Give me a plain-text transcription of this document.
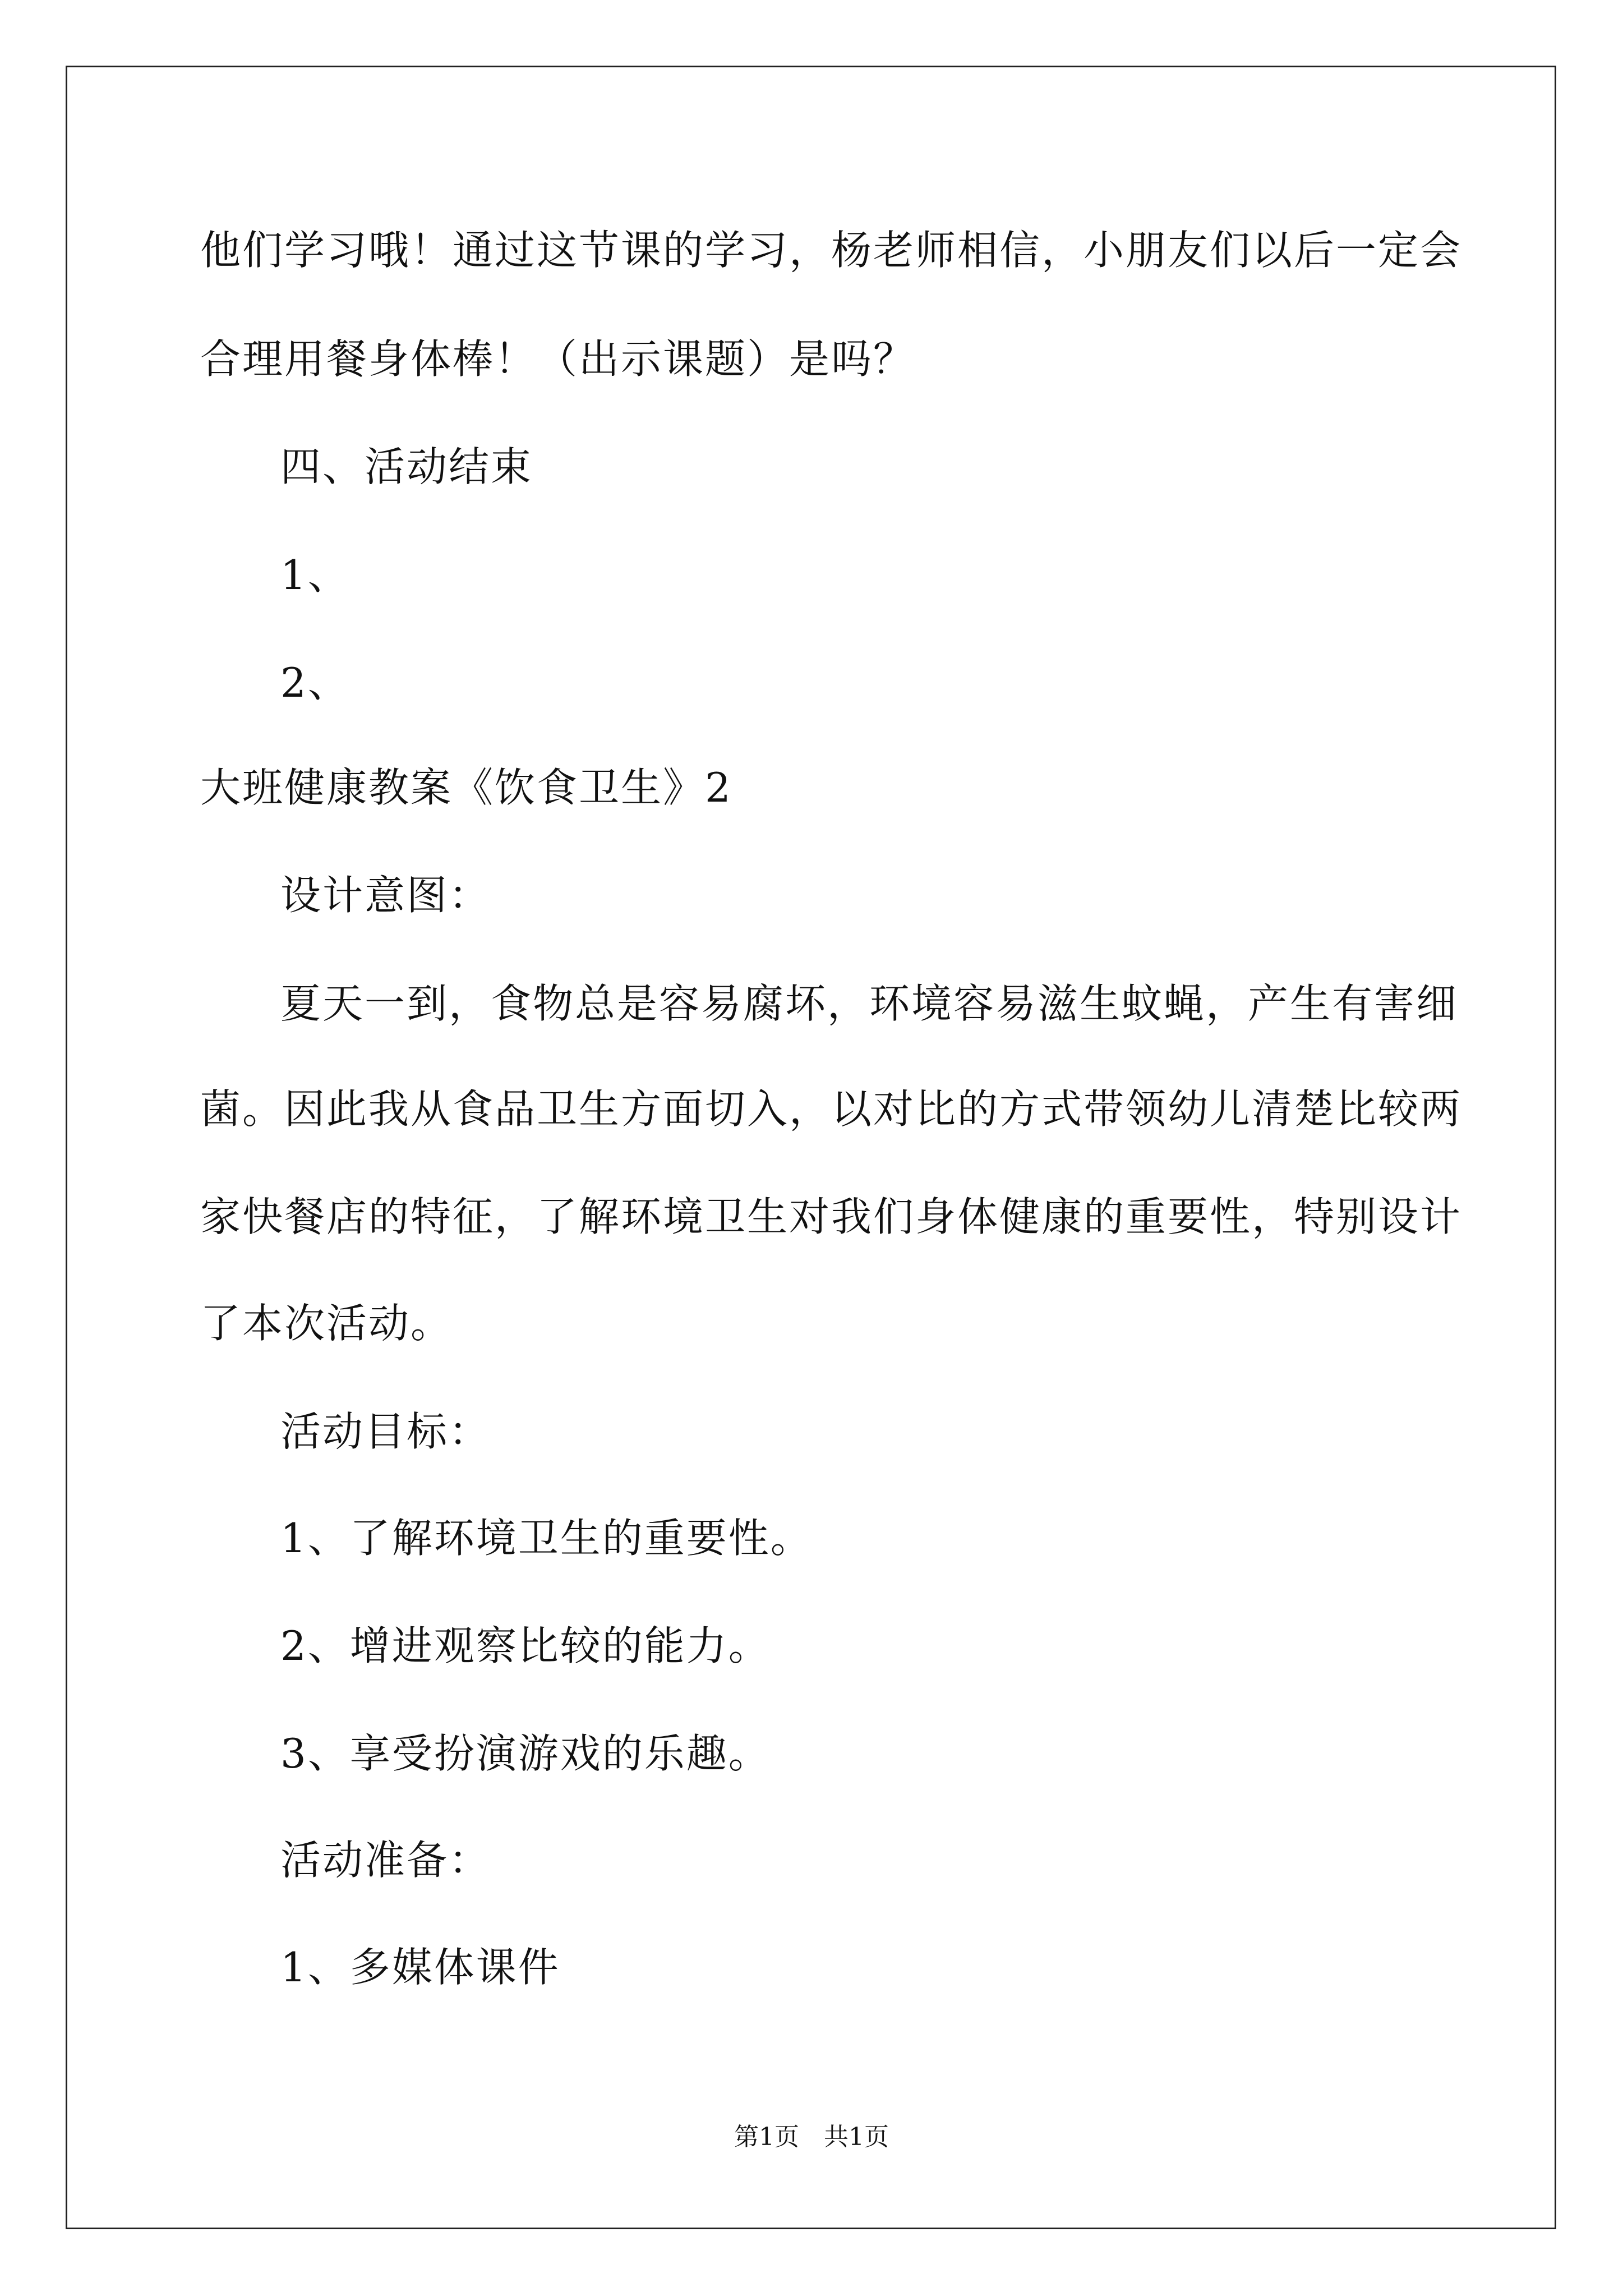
他们学习哦！通过这节课的学习，杨老师相信，小朋友们以后一定会
合理用餐身体棒！（出示课题）是吗？
四、活动结束
1、
2、
大班健康教案《饮食卫生》2
设计意图：
夏天一到，食物总是容易腐坏，环境容易滋生蚊蝇，产生有害细
菌。因此我从食品卫生方面切入，以对比的方式带领幼儿清楚比较两
家快餐店的特征，了解环境卫生对我们身体健康的重要性，特别设计
了本次活动。
活动目标：
1、了解环境卫生的重要性。
2、增进观察比较的能力。
3、享受扮演游戏的乐趣。
活动准备：
1、多媒体课件
第1页　共1页
